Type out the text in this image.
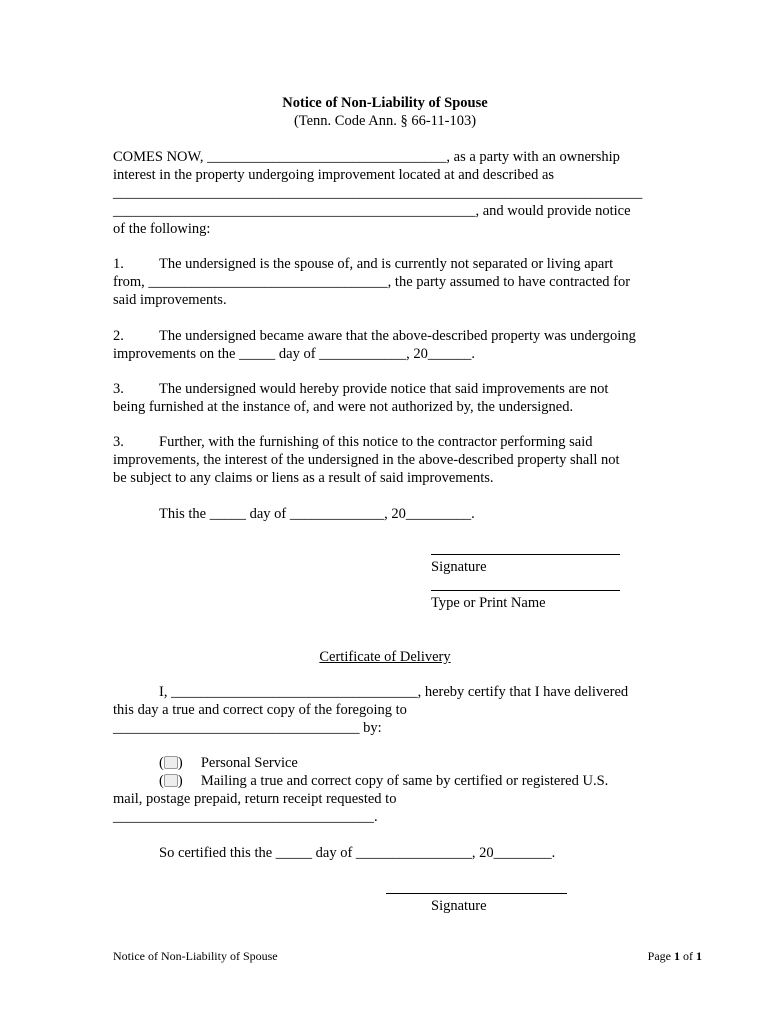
Notice of Non-Liability of Spouse
(Tenn. Code Ann. § 66-11-103)
COMES NOW, _________________________________, as a party with an ownership
interest in the property undergoing improvement located at and described as
_________________________________________________________________________
__________________________________________________, and would provide notice
of the following:
1. The undersigned is the spouse of, and is currently not separated or living apart
from, _________________________________, the party assumed to have contracted for
said improvements.
2. The undersigned became aware that the above-described property was undergoing
improvements on the _____ day of ____________, 20______.
3. The undersigned would hereby provide notice that said improvements are not
being furnished at the instance of, and were not authorized by, the undersigned.
3. Further, with the furnishing of this notice to the contractor performing said
improvements, the interest of the undersigned in the above-described property shall not
be subject to any claims or liens as a result of said improvements.
This the _____ day of _____________, 20_________.
Signature
Type or Print Name
Certificate of Delivery
I, __________________________________, hereby certify that I have delivered
this day a true and correct copy of the foregoing to
__________________________________ by:
( )     Personal Service
( )     Mailing a true and correct copy of same by certified or registered U.S.
mail, postage prepaid, return receipt requested to
____________________________________.
So certified this the _____ day of ________________, 20________.
Signature
Notice of Non-Liability of Spouse	Page 1 of 1
